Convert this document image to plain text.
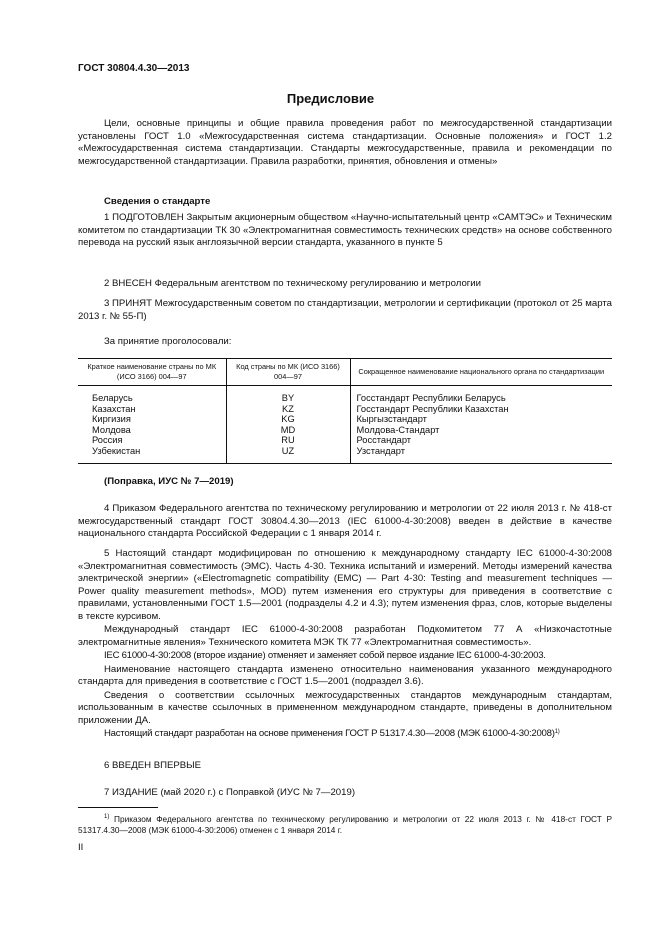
ГОСТ 30804.4.30—2013
Предисловие

Цели, основные принципы и общие правила проведения работ по межгосударственной стандартизации установлены ГОСТ 1.0 «Межгосударственная система стандартизации. Основные положения» и ГОСТ 1.2 «Межгосударственная система стандартизации. Стандарты межгосударственные, правила и рекомендации по межгосударственной стандартизации. Правила разработки, принятия, обновления и отмены»

Сведения о стандарте

1 ПОДГОТОВЛЕН Закрытым акционерным обществом «Научно-испытательный центр «САМТЭС» и Техническим комитетом по стандартизации ТК 30 «Электромагнитная совместимость технических средств» на основе собственного перевода на русский язык англоязычной версии стандарта, указанного в пункте 5

2 ВНЕСЕН Федеральным агентством по техническому регулированию и метрологии

3 ПРИНЯТ Межгосударственным советом по стандартизации, метрологии и сертификации (протокол от 25 марта 2013 г. № 55-П)

За принятие проголосовали:

Краткое наименование страны по МК (ИСО 3166) 004—97	Код страны по МК (ИСО 3166) 004—97	Сокращенное наименование национального органа по стандартизации
Беларусь	BY	Госстандарт Республики Беларусь
Казахстан	KZ	Госстандарт Республики Казахстан
Киргизия	KG	Кыргызстандарт
Молдова	MD	Молдова-Стандарт
Россия	RU	Росстандарт
Узбекистан	UZ	Узстандарт
(Поправка, ИУС № 7—2019)

4 Приказом Федерального агентства по техническому регулированию и метрологии от 22 июля 2013 г. № 418-ст межгосударственный стандарт ГОСТ 30804.4.30—2013 (IEC 61000-4-30:2008) введен в действие в качестве национального стандарта Российской Федерации с 1 января 2014 г.

5 Настоящий стандарт модифицирован по отношению к международному стандарту IEC 61000-4-30:2008 «Электромагнитная совместимость (ЭМС). Часть 4-30. Техника испытаний и измерений. Методы измерений качества электрической энергии» («Electromagnetic compatibility (EMC) — Part 4-30: Testing and measurement techniques — Power quality measurement methods», MOD) путем изменения его структуры для приведения в соответствие с правилами, установленными ГОСТ 1.5—2001 (подразделы 4.2 и 4.3); путем изменения фраз, слов, которые выделены в тексте курсивом.

Международный стандарт IEC 61000-4-30:2008 разработан Подкомитетом 77 А «Низкочастотные электромагнитные явления» Технического комитета МЭК ТК 77 «Электромагнитная совместимость».

IEC 61000-4-30:2008 (второе издание) отменяет и заменяет собой первое издание IEC 61000-4-30:2003.

Наименование настоящего стандарта изменено относительно наименования указанного международного стандарта для приведения в соответствие с ГОСТ 1.5—2001 (подраздел 3.6).

Сведения о соответствии ссылочных межгосударственных стандартов международным стандартам, использованным в качестве ссылочных в примененном международном стандарте, приведены в дополнительном приложении ДА.

Настоящий стандарт разработан на основе применения ГОСТ Р 51317.4.30—2008 (МЭК 61000-4-30:2008)$^{1)}$

6 ВВЕДЕН ВПЕРВЫЕ

7 ИЗДАНИЕ (май 2020 г.) с Поправкой (ИУС № 7—2019)

$^{1)}$ Приказом Федерального агентства по техническому регулированию и метрологии от 22 июля 2013 г. № 418-ст ГОСТ Р 51317.4.30—2008 (МЭК 61000-4-30:2006) отменен с 1 января 2014 г.
II
